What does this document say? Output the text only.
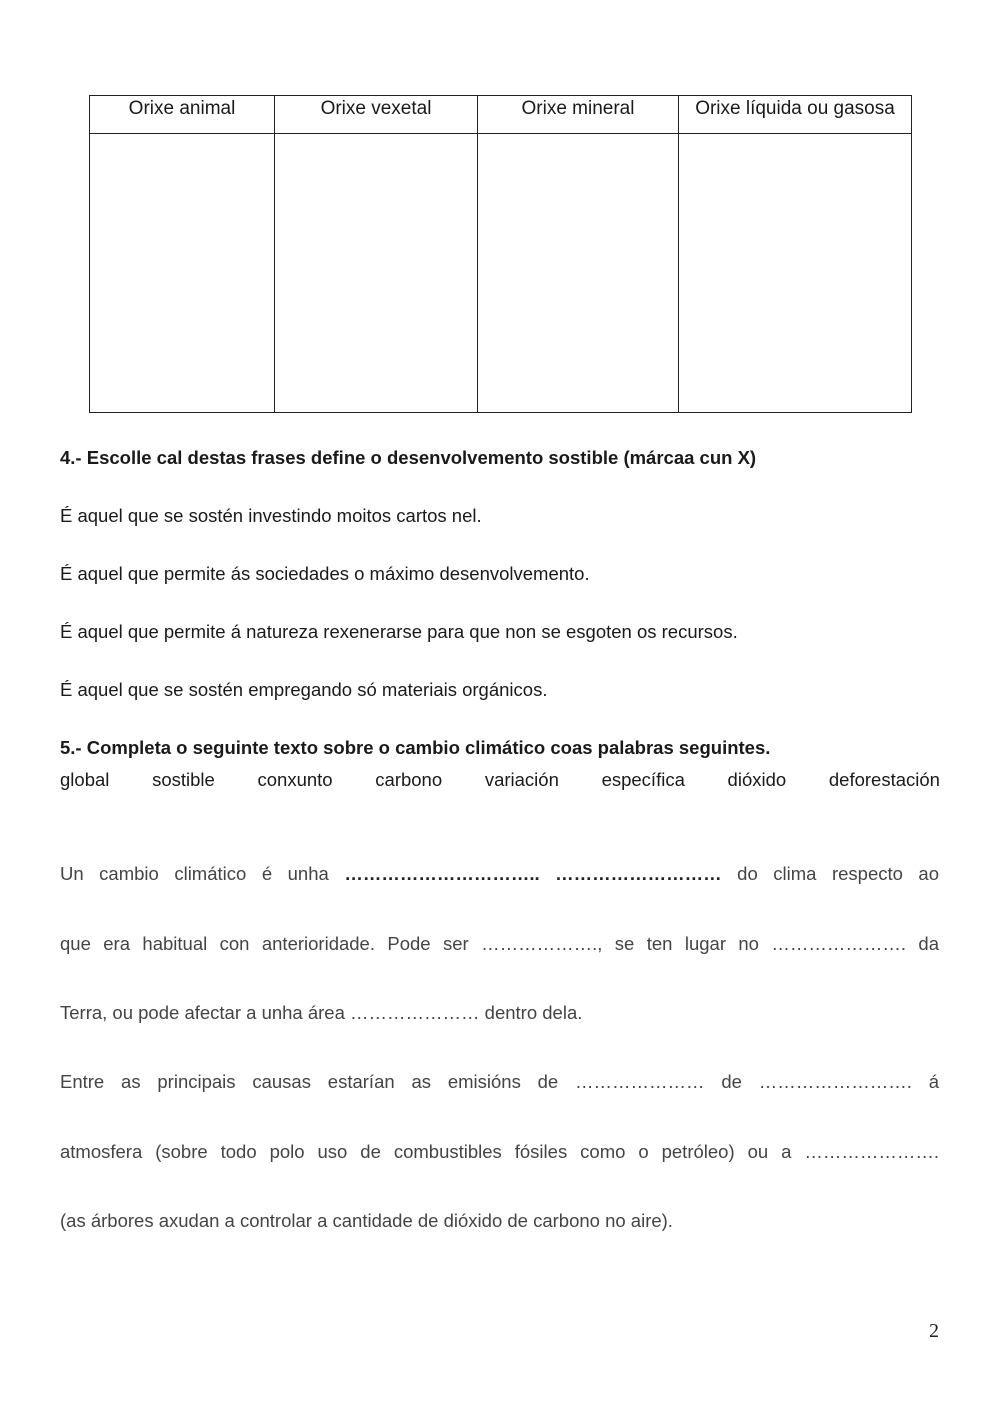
Orixe animal	Orixe vexetal	Orixe mineral	Orixe líquida ou gasosa

4.- Escolle cal destas frases define o desenvolvemento sostible (márcaa cun X)
É aquel que se sostén investindo moitos cartos nel.
É aquel que permite ás sociedades o máximo desenvolvemento.
É aquel que permite á natureza rexenerarse para que non se esgoten os recursos.
É aquel que se sostén empregando só materiais orgánicos.
5.- Completa o seguinte texto sobre o cambio climático coas palabras seguintes.
global sostible conxunto carbono variación específica dióxido deforestación
Un cambio climático é unha ………………………….. ……………………… do clima respecto ao
que era habitual con anterioridade. Pode ser ………………., se ten lugar no …………………. da
Terra, ou pode afectar a unha área ………………… dentro dela.
Entre as principais causas estarían as emisións de ………………… de ……………………. á
atmosfera (sobre todo polo uso de combustibles fósiles como o petróleo) ou a ………………….
(as árbores axudan a controlar a cantidade de dióxido de carbono no aire).
2
